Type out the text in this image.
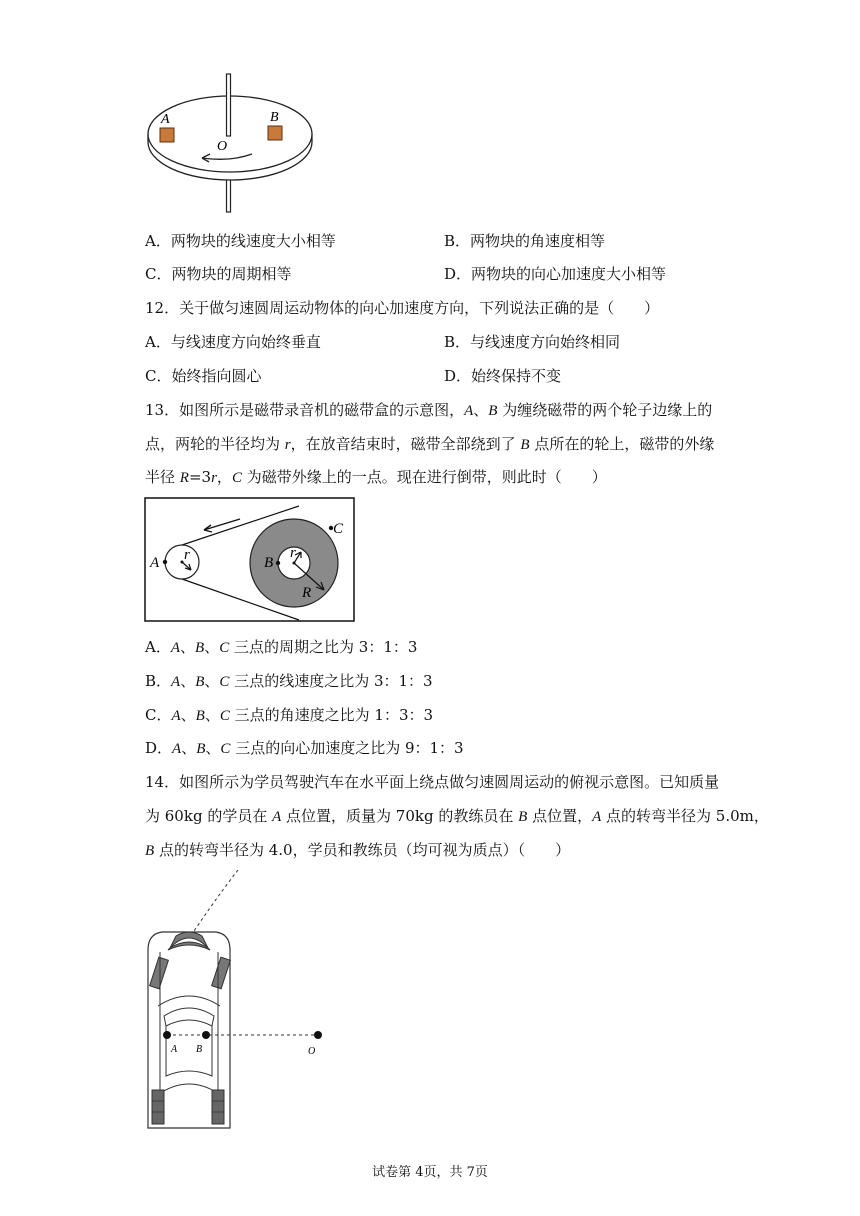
A	B
O
A．两物块的线速度大小相等	B．两物块的角速度相等
C．两物块的周期相等	D．两物块的向心加速度大小相等
12．关于做匀速圆周运动物体的向心加速度方向，下列说法正确的是（　　）
A．与线速度方向始终垂直	B．与线速度方向始终相同
C．始终指向圆心	D．始终保持不变
13．如图所示是磁带录音机的磁带盒的示意图，A、B 为缠绕磁带的两个轮子边缘上的
点，两轮的半径均为 r，在放音结束时，磁带全部绕到了 B 点所在的轮上，磁带的外缘
半径 R=3r，C 为磁带外缘上的一点。现在进行倒带，则此时（　　）
A r	B
r
C
R
A．A、B、C 三点的周期之比为 3：1：3
B．A、B、C 三点的线速度之比为 3：1：3
C．A、B、C 三点的角速度之比为 1：3：3
D．A、B、C 三点的向心加速度之比为 9：1：3
14．如图所示为学员驾驶汽车在水平面上绕点做匀速圆周运动的俯视示意图。已知质量
为 60kg 的学员在 A 点位置，质量为 70kg 的教练员在 B 点位置，A 点的转弯半径为 5.0m，
B 点的转弯半径为 4.0，学员和教练员（均可视为质点）（　　）
A B	O
试卷第 4页，共 7页
